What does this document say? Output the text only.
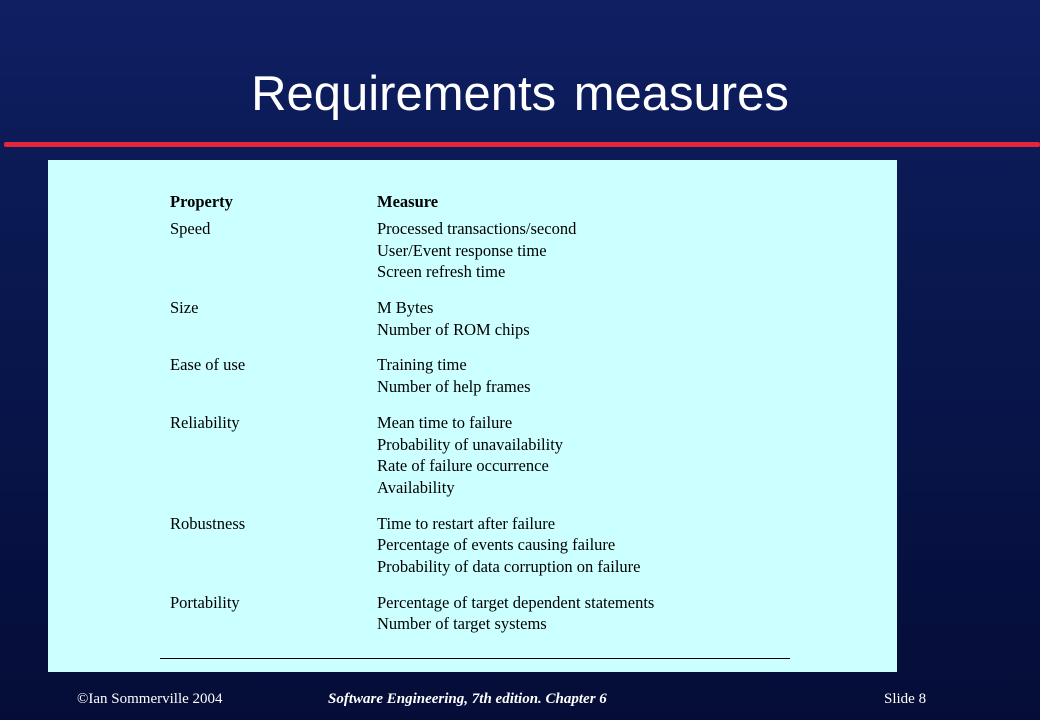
Requirements measures
Property	Measure

Speed	Processed transactions/second
User/Event response time
Screen refresh time

Size	M Bytes
Number of ROM chips

Ease of use	Training time
Number of help frames

Reliability	Mean time to failure
Probability of unavailability
Rate of failure occurrence
Availability

Robustness	Time to restart after failure
Percentage of events causing failure
Probability of data corruption on failure

Portability	Percentage of target dependent statements
Number of target systems
©Ian Sommerville 2004	Software Engineering, 7th edition. Chapter 6	Slide 8
